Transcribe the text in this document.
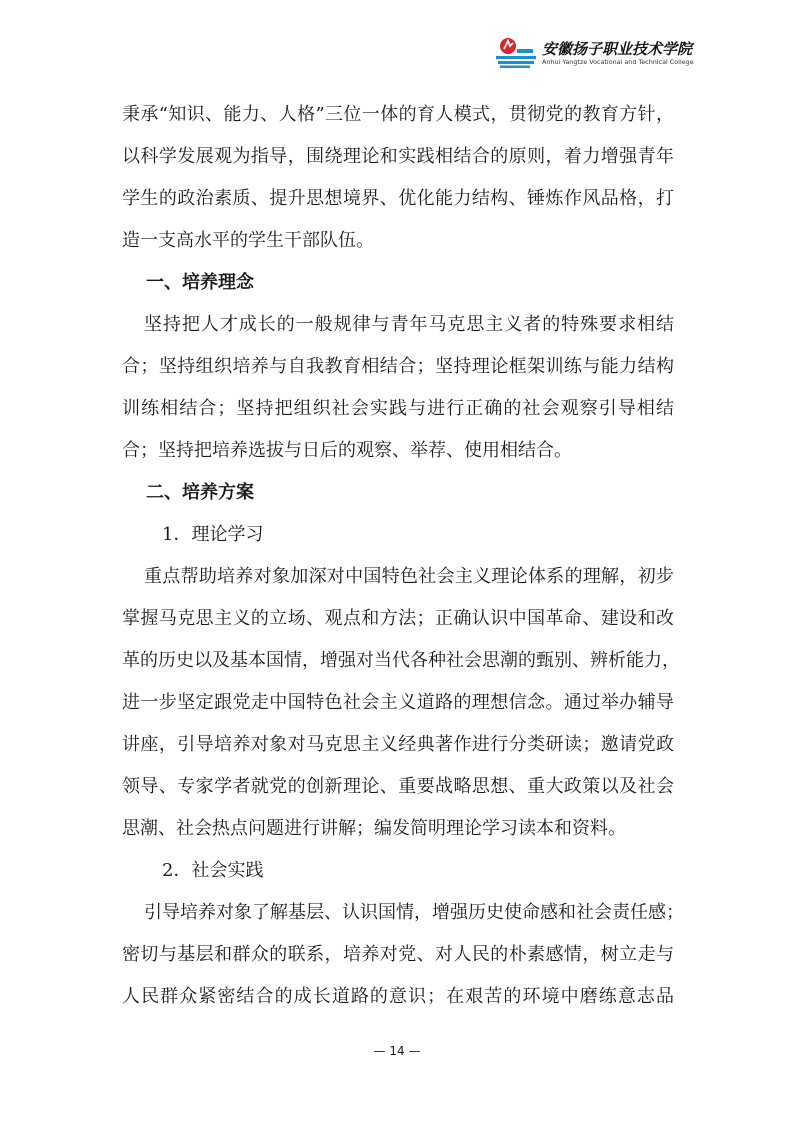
安徽扬子职业技术学院
Anhui Yangtze Vocational and Technical College
秉承“知识、能力、人格”三位一体的育人模式，贯彻党的教育方针，
以科学发展观为指导，围绕理论和实践相结合的原则，着力增强青年
学生的政治素质、提升思想境界、优化能力结构、锤炼作风品格，打
造一支高水平的学生干部队伍。
一、培养理念
坚持把人才成长的一般规律与青年马克思主义者的特殊要求相结
合；坚持组织培养与自我教育相结合；坚持理论框架训练与能力结构
训练相结合；坚持把组织社会实践与进行正确的社会观察引导相结
合；坚持把培养选拔与日后的观察、举荐、使用相结合。
二、培养方案
1．理论学习
重点帮助培养对象加深对中国特色社会主义理论体系的理解，初步
掌握马克思主义的立场、观点和方法；正确认识中国革命、建设和改
革的历史以及基本国情，增强对当代各种社会思潮的甄别、辨析能力，
进一步坚定跟党走中国特色社会主义道路的理想信念。通过举办辅导
讲座，引导培养对象对马克思主义经典著作进行分类研读；邀请党政
领导、专家学者就党的创新理论、重要战略思想、重大政策以及社会
思潮、社会热点问题进行讲解；编发简明理论学习读本和资料。
2．社会实践
引导培养对象了解基层、认识国情，增强历史使命感和社会责任感；
密切与基层和群众的联系，培养对党、对人民的朴素感情，树立走与
人民群众紧密结合的成长道路的意识；在艰苦的环境中磨练意志品
— 14 —
